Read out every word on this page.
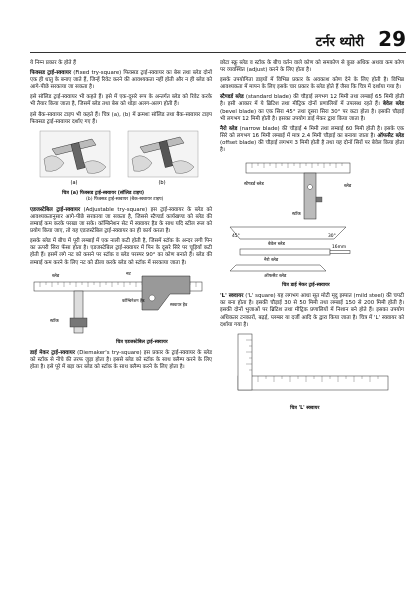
टर्नर थ्योरी 29

ये निम्न प्रकार के होते हैं

फिक्सड ट्राई-स्क्वायर (Fixed try-square) फिक्सड ट्राई-स्क्वायर का बेस तथा ब्लेड दोनों एक ही धातु के बनाए जाते हैं, जिन्हें रिवेट करने की आवश्यकता नहीं होती और न ही ब्लेड को आगे-पीछे सरकाया जा सकता है।

इसे सॉलिड ट्राई-स्क्वायर भी कहते हैं। इसे में एक-दूसरे रूप के अन्तर्गत ब्लेड को रिवेट करके भी तैयार किया जाता है, जिसमें ब्लेड तथा बेस को थोड़ा अलग-अलग होती हैं।

इसे बैक-स्क्वायर टाइप भी कहते हैं। चित्र (a), (b) में क्रमशः सॉलिड तथा बैक-स्क्वायर टाइप फिक्सड ट्राई-स्क्वायर दर्शाए गए हैं।

(a)	(b)
चित्र (a) फिक्सड ट्राई-स्क्वायर (सॉलिड टाइप)
(b) फिक्सड ट्राई-स्क्वायर (बैक-स्क्वायर टाइप)

एडजस्टेबिल ट्राई-स्क्वायर (Adjustable try-square) इस ट्राई-स्क्वायर के ब्लेड को आवश्यकतानुसार आगे-पीछे सरकाया जा सकता है, जिससे स्टैण्डर्ड कार्यखण्ड को ब्लेड की लम्बाई कम करके परखा जा सके। कॉम्बिनेशन सेट में स्क्वायर हैड के साथ यदि स्टील रूल को प्रयोग किया जाए, तो यह एडजस्टेबिल ट्राई-स्क्वायर का ही कार्य करता है।

इसके ब्लेड में बीच में पूरी लम्बाई में एक नाली कटी होती है, जिसमें स्टॉक के अन्दर लगी पिन का ऊपरी सिरा फँसा होता है। एडजस्टेबिल ट्राई-स्क्वायर में पिन के दूसरे सिरे पर चूड़ियाँ कटी होती हैं। इसमें लगे नट को कसने पर स्टॉक व ब्लेड परस्पर 90° का कोण बनाते हैं। ब्लेड की लम्बाई कम करने के लिए नट को ढीला करके ब्लेड को स्टॉक में सरकाया जाता है।

ब्लेड	नट
कॉम्बिनेशन हैड
स्टॉक
स्क्वायर हैड
चित्र एडजस्टेबिल ट्राई-स्क्वायर

डाई मेकर ट्राई-स्क्वायर (Diemaker's try-square) इस प्रकार के ट्राई-स्क्वायर के ब्लेड को स्टॉक से नीचे की तरफ जुड़ा होता है। इससे ब्लेड को स्टॉक के साथ क्लैम्प करने के लिए होता है। इसे पूरे में बड़ा कर ब्लेड को स्टॉक के साथ क्लैम्प करने के लिए होता है।

छोटा स्क्रू ब्लेड व स्टॉक के बीच वर्तन वाले कोण को समकोण से कुछ अधिक अथवा कम कोण पर व्यवस्थित (adjust) करने के लिए होता है।

इसके उपयोगिता डाइयों में विभिन्न प्रकार के अवकाश कोण देने के लिए होती है। विभिन्न आवश्यकता में मापन के लिए इसके चार प्रकार के ब्लेड होते हैं जैसा कि चित्र में दर्शाया गया है।

स्टैण्डर्ड ब्लेड (standard blade) की चौड़ाई लगभग 12 मिमी तथा लम्बाई 65 मिमी होती है। इसी आकार में ये ब्रिटिश तथा मीट्रिक दोनों प्रणालियों में उपलब्ध रहते हैं। बेवेल ब्लेड (bevel blade) का एक सिरा 45° तथा दूसरा सिरा 30° पर कटा होता है। इसकी चौड़ाई भी लगभग 12 मिमी होती है। इसका उपयोग डाई मेकर द्वारा किया जाता है।

नैरो ब्लेड (narrow blade) की चौड़ाई 4 मिमी तथा लम्बाई 60 मिमी होती है। इसके एक सिरे को लगभग 16 मिमी लम्बाई में मात्र 2.4 मिमी चौड़ाई का बनाया जाता है। ऑफसैट ब्लेड (offset blade) की चौड़ाई लगभग 3 मिमी होती है तथा यह दोनों सिरों पर बेवेल किया होता है।

ब्लेड
स्टैण्डर्ड ब्लेड
स्टॉक
45°	30°
बेवेल ब्लेड
16mm
नैरो ब्लेड
ऑफसैट ब्लेड
चित्र डाई मेकर ट्राई-स्क्वायर

'L' स्क्वायर ('L' square) यह लगभग आधा सूत मोटी मृदु इस्पात (mild steel) की चपटी का बना होता है। इसकी चौड़ाई 30 से 50 मिमी तथा लम्बाई 150 से 200 मिमी होती है। इसकी दोनों भुजाओं पर ब्रिटिश तथा मीट्रिक प्रणालियों में निशान बने होते हैं। इसका उपयोग अधिकतर टनकारों, बढ़ई, प्लम्बर या दर्जी आदि के द्वारा किया जाता है। चित्र में 'L' स्क्वायर को दर्शाया गया है।

चित्र 'L' स्क्वायर
